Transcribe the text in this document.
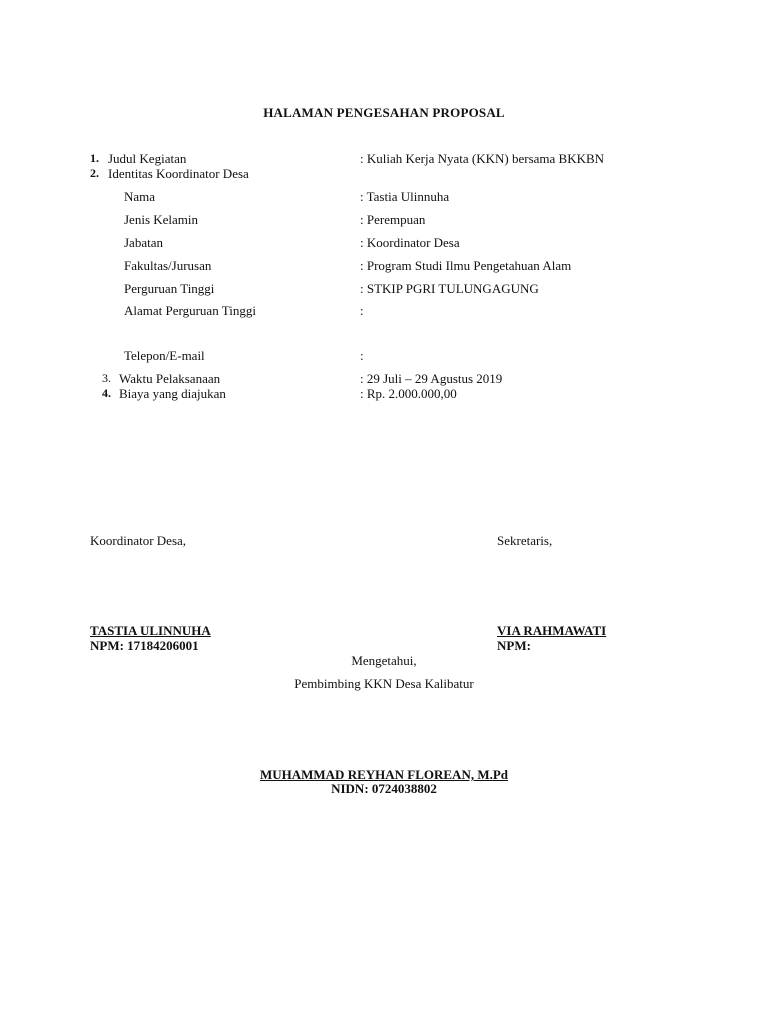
HALAMAN PENGESAHAN PROPOSAL
1. Judul Kegiatan	: Kuliah Kerja Nyata (KKN) bersama BKKBN
2. Identitas Koordinator Desa
Nama	: Tastia Ulinnuha
Jenis Kelamin	: Perempuan
Jabatan	: Koordinator Desa
Fakultas/Jurusan	: Program Studi Ilmu Pengetahuan Alam
Perguruan Tinggi	: STKIP PGRI TULUNGAGUNG
Alamat Perguruan Tinggi	:
Telepon/E-mail	:
3. Waktu Pelaksanaan	: 29 Juli – 29 Agustus 2019
4. Biaya yang diajukan	: Rp. 2.000.000,00
Koordinator Desa,	Sekretaris,
TASTIA ULINNUHA
NPM: 17184206001
VIA RAHMAWATI
NPM:
Mengetahui,
Pembimbing KKN Desa Kalibatur
MUHAMMAD REYHAN FLOREAN, M.Pd
NIDN: 0724038802
